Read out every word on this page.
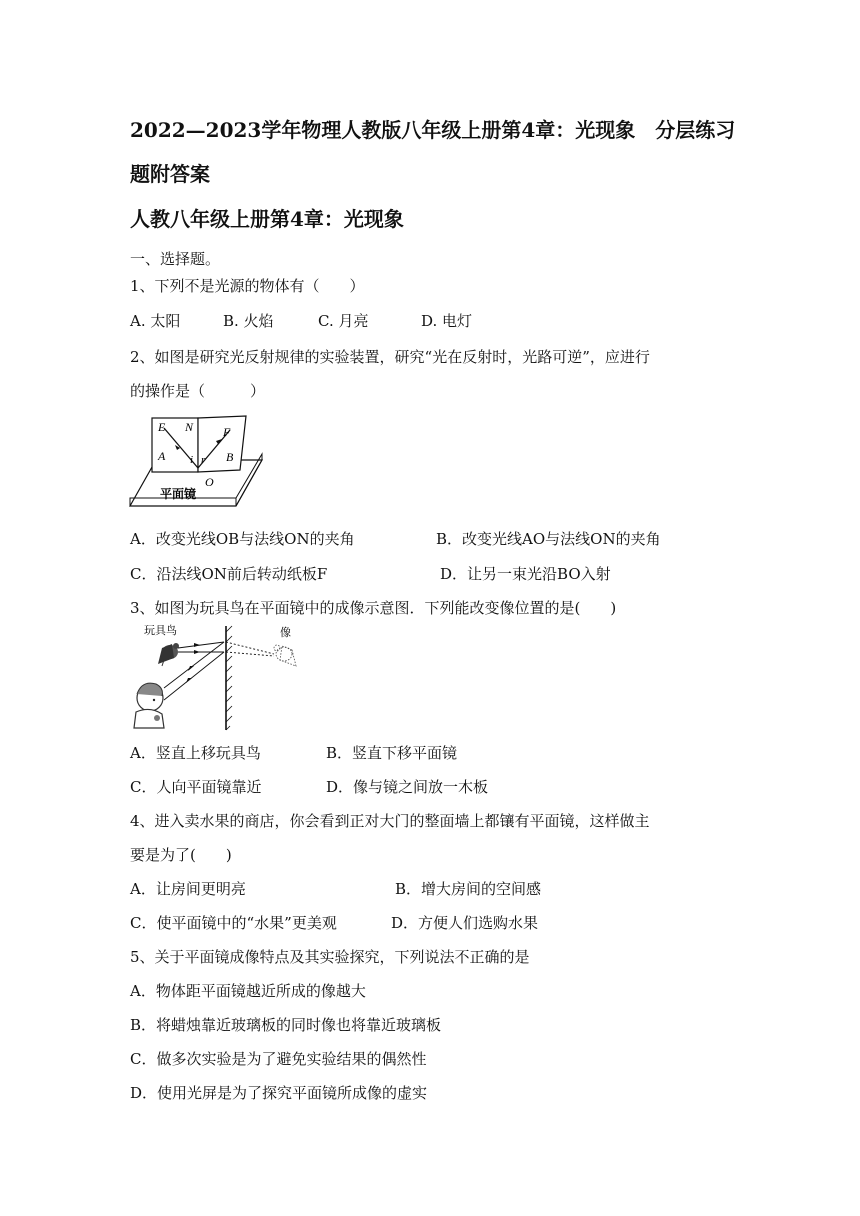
2022—2023学年物理人教版八年级上册第4章：光现象　分层练习题附答案
人教八年级上册第4章：光现象
一、选择题。
1、下列不是光源的物体有（　　）
A. 太阳	B. 火焰	C. 月亮	D. 电灯
2、如图是研究光反射规律的实验装置，研究“光在反射时，光路可逆”，应进行
的操作是（　　　）
E N F
A i r B
O
平面镜
A．改变光线OB与法线ON的夹角	B．改变光线AO与法线ON的夹角
C．沿法线ON前后转动纸板F	D．让另一束光沿BO入射
3、如图为玩具鸟在平面镜中的成像示意图．下列能改变像位置的是(　　)
玩具鸟	像
A．竖直上移玩具鸟	B．竖直下移平面镜
C．人向平面镜靠近	D．像与镜之间放一木板
4、进入卖水果的商店，你会看到正对大门的整面墙上都镶有平面镜，这样做主
要是为了(　　)
A．让房间更明亮	B．增大房间的空间感
C．使平面镜中的“水果”更美观	D．方便人们选购水果
5、关于平面镜成像特点及其实验探究，下列说法不正确的是
A．物体距平面镜越近所成的像越大
B．将蜡烛靠近玻璃板的同时像也将靠近玻璃板
C．做多次实验是为了避免实验结果的偶然性
D．使用光屏是为了探究平面镜所成像的虚实
